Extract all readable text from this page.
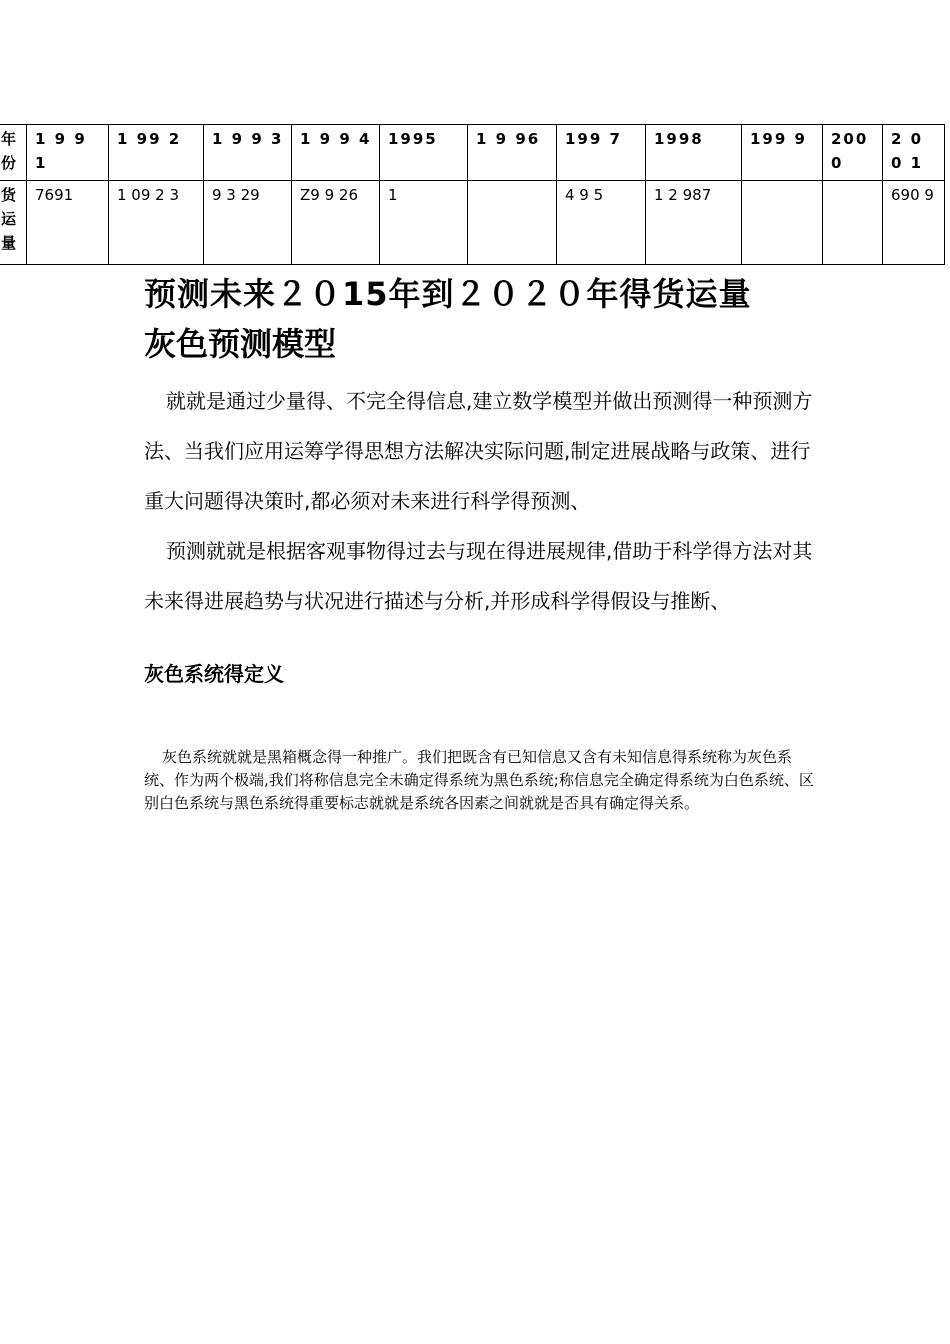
年份	1 9 9 1	1 99 2	1 9 9 3	1 9 9 4	1995	1 9 96	199 7	1998	199 9	2000	2 0 0 1
货运量	7691	1 09 2 3	9 3 29	Z9 9 26	1		4 9 5	1 2 987			690 9
预测未来２０15年到２０２０年得货运量
灰色预测模型

就就是通过少量得、不完全得信息,建立数学模型并做出预测得一种预测方法、当我们应用运筹学得思想方法解决实际问题,制定进展战略与政策、进行重大问题得决策时,都必须对未来进行科学得预测、

预测就就是根据客观事物得过去与现在得进展规律,借助于科学得方法对其未来得进展趋势与状况进行描述与分析,并形成科学得假设与推断、

灰色系统得定义

灰色系统就就是黑箱概念得一种推广。我们把既含有已知信息又含有未知信息得系统称为灰色系统、作为两个极端,我们将称信息完全未确定得系统为黑色系统;称信息完全确定得系统为白色系统、区别白色系统与黑色系统得重要标志就就是系统各因素之间就就是否具有确定得关系。
